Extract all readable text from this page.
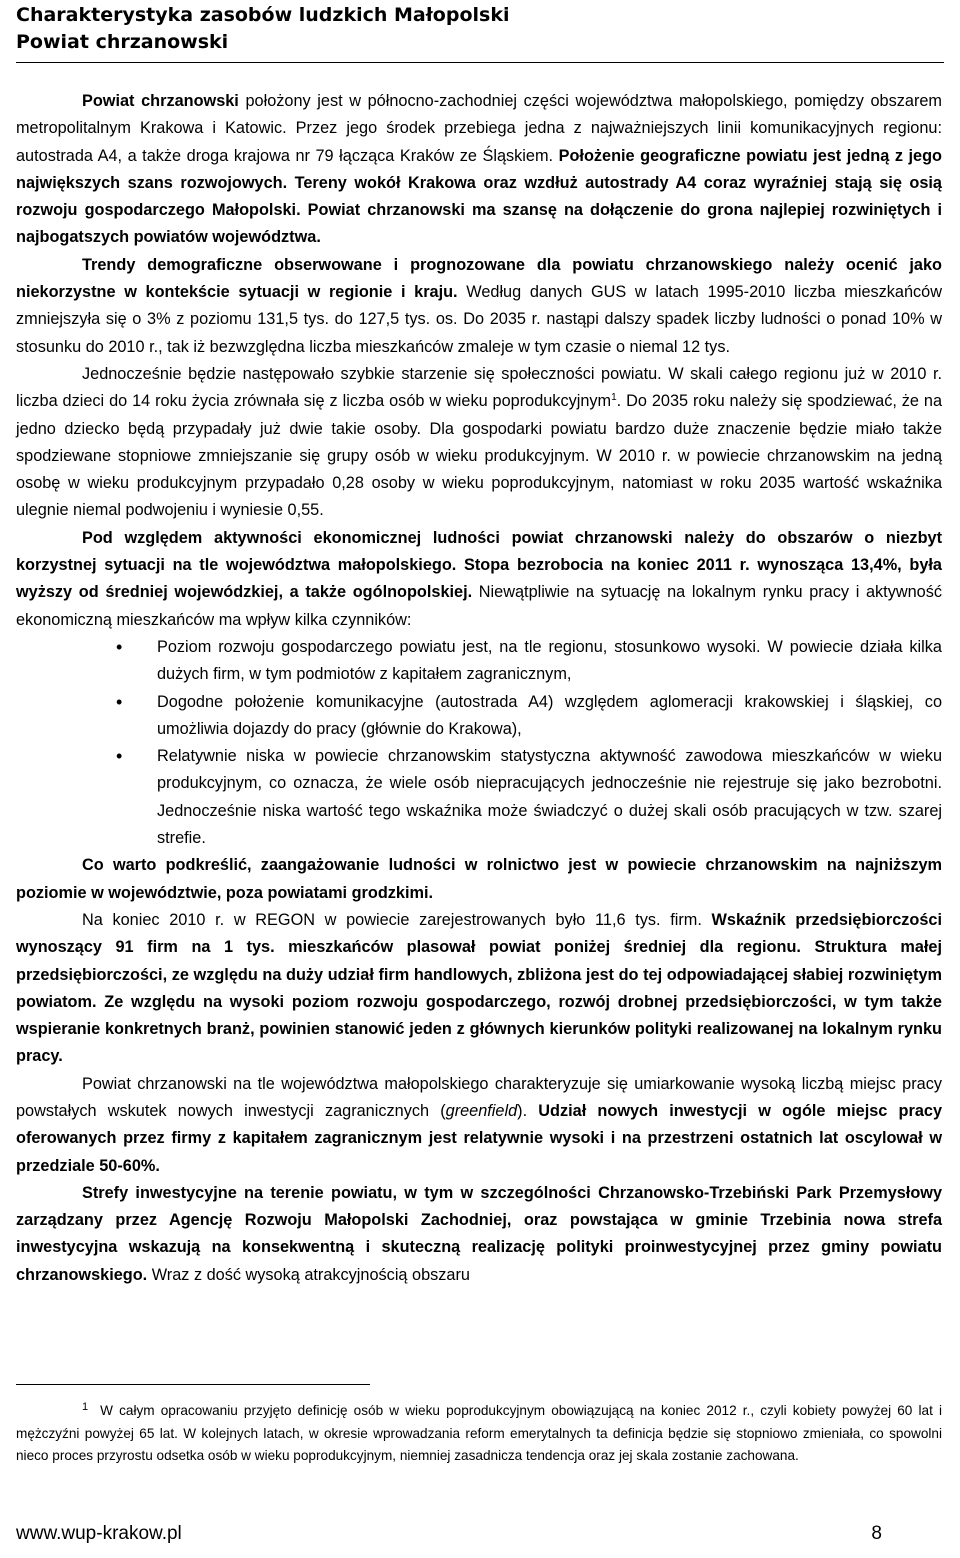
Charakterystyka zasobów ludzkich Małopolski
Powiat chrzanowski

Powiat chrzanowski położony jest w północno-zachodniej części województwa małopolskiego, pomiędzy obszarem metropolitalnym Krakowa i Katowic. Przez jego środek przebiega jedna z najważniejszych linii komunikacyjnych regionu: autostrada A4, a także droga krajowa nr 79 łącząca Kraków ze Śląskiem. Położenie geograficzne powiatu jest jedną z jego największych szans rozwojowych. Tereny wokół Krakowa oraz wzdłuż autostrady A4 coraz wyraźniej stają się osią rozwoju gospodarczego Małopolski. Powiat chrzanowski ma szansę na dołączenie do grona najlepiej rozwiniętych i najbogatszych powiatów województwa.

Trendy demograficzne obserwowane i prognozowane dla powiatu chrzanowskiego należy ocenić jako niekorzystne w kontekście sytuacji w regionie i kraju. Według danych GUS w latach 1995-2010 liczba mieszkańców zmniejszyła się o 3% z poziomu 131,5 tys. do 127,5 tys. os. Do 2035 r. nastąpi dalszy spadek liczby ludności o ponad 10% w stosunku do 2010 r., tak iż bezwzględna liczba mieszkańców zmaleje w tym czasie o niemal 12 tys.

Jednocześnie będzie następowało szybkie starzenie się społeczności powiatu. W skali całego regionu już w 2010 r. liczba dzieci do 14 roku życia zrównała się z liczba osób w wieku poprodukcyjnym$^1$. Do 2035 roku należy się spodziewać, że na jedno dziecko będą przypadały już dwie takie osoby. Dla gospodarki powiatu bardzo duże znaczenie będzie miało także spodziewane stopniowe zmniejszanie się grupy osób w wieku produkcyjnym. W 2010 r. w powiecie chrzanowskim na jedną osobę w wieku produkcyjnym przypadało 0,28 osoby w wieku poprodukcyjnym, natomiast w roku 2035 wartość wskaźnika ulegnie niemal podwojeniu i wyniesie 0,55.

Pod względem aktywności ekonomicznej ludności powiat chrzanowski należy do obszarów o niezbyt korzystnej sytuacji na tle województwa małopolskiego. Stopa bezrobocia na koniec 2011 r. wynosząca 13,4%, była wyższy od średniej wojewódzkiej, a także ogólnopolskiej. Niewątpliwie na sytuację na lokalnym rynku pracy i aktywność ekonomiczną mieszkańców ma wpływ kilka czynników:

• Poziom rozwoju gospodarczego powiatu jest, na tle regionu, stosunkowo wysoki. W powiecie działa kilka dużych firm, w tym podmiotów z kapitałem zagranicznym,
• Dogodne położenie komunikacyjne (autostrada A4) względem aglomeracji krakowskiej i śląskiej, co umożliwia dojazdy do pracy (głównie do Krakowa),
• Relatywnie niska w powiecie chrzanowskim statystyczna aktywność zawodowa mieszkańców w wieku produkcyjnym, co oznacza, że wiele osób niepracujących jednocześnie nie rejestruje się jako bezrobotni. Jednocześnie niska wartość tego wskaźnika może świadczyć o dużej skali osób pracujących w tzw. szarej strefie.

Co warto podkreślić, zaangażowanie ludności w rolnictwo jest w powiecie chrzanowskim na najniższym poziomie w województwie, poza powiatami grodzkimi.

Na koniec 2010 r. w REGON w powiecie zarejestrowanych było 11,6 tys. firm. Wskaźnik przedsiębiorczości wynoszący 91 firm na 1 tys. mieszkańców plasował powiat poniżej średniej dla regionu. Struktura małej przedsiębiorczości, ze względu na duży udział firm handlowych, zbliżona jest do tej odpowiadającej słabiej rozwiniętym powiatom. Ze względu na wysoki poziom rozwoju gospodarczego, rozwój drobnej przedsiębiorczości, w tym także wspieranie konkretnych branż, powinien stanowić jeden z głównych kierunków polityki realizowanej na lokalnym rynku pracy.

Powiat chrzanowski na tle województwa małopolskiego charakteryzuje się umiarkowanie wysoką liczbą miejsc pracy powstałych wskutek nowych inwestycji zagranicznych (greenfield). Udział nowych inwestycji w ogóle miejsc pracy oferowanych przez firmy z kapitałem zagranicznym jest relatywnie wysoki i na przestrzeni ostatnich lat oscylował w przedziale 50-60%.

Strefy inwestycyjne na terenie powiatu, w tym w szczególności Chrzanowsko-Trzebiński Park Przemysłowy zarządzany przez Agencję Rozwoju Małopolski Zachodniej, oraz powstająca w gminie Trzebinia nowa strefa inwestycyjna wskazują na konsekwentną i skuteczną realizację polityki proinwestycyjnej przez gminy powiatu chrzanowskiego. Wraz z dość wysoką atrakcyjnością obszaru

1 W całym opracowaniu przyjęto definicję osób w wieku poprodukcyjnym obowiązującą na koniec 2012 r., czyli kobiety powyżej 60 lat i mężczyźni powyżej 65 lat. W kolejnych latach, w okresie wprowadzania reform emerytalnych ta definicja będzie się stopniowo zmieniała, co spowolni nieco proces przyrostu odsetka osób w wieku poprodukcyjnym, niemniej zasadnicza tendencja oraz jej skala zostanie zachowana.
www.wup-krakow.pl	8
